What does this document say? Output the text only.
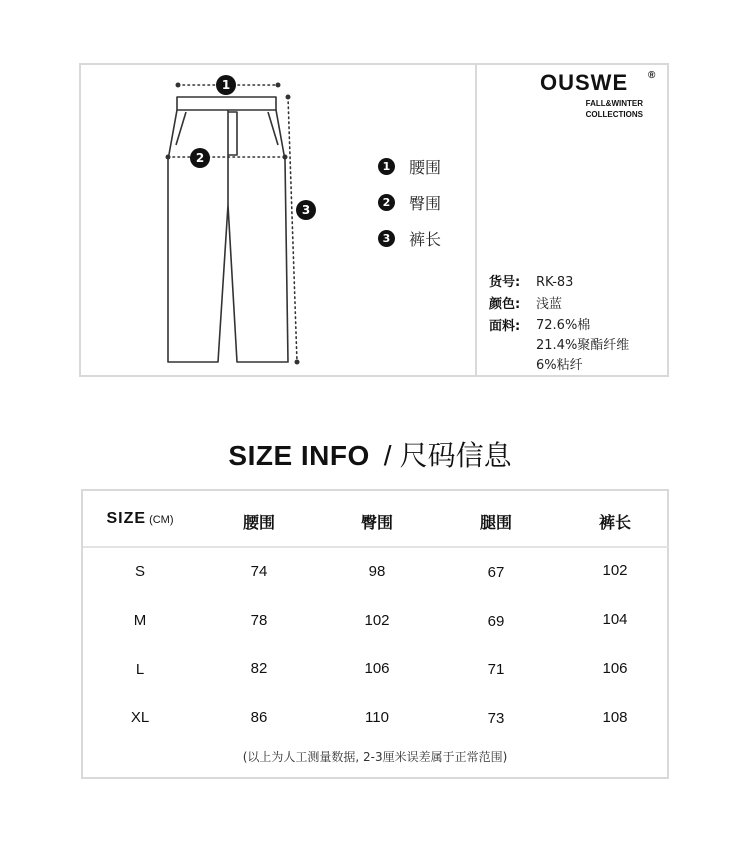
1
2
3
1 腰围
2 臀围
3 裤长
OUSWE ®
FALL&WINTER
COLLECTIONS
货号:	RK-83
颜色:	浅蓝
面料:	72.6%棉
21.4%聚酯纤维
6%粘纤
SIZE INFO / 尺码信息
SIZE (CM)	腰围	臀围	腿围	裤长
S	74	98	67	102
M	78	102	69	104
L	82	106	71	106
XL	86	110	73	108
(以上为人工测量数据, 2-3厘米误差属于正常范围)
